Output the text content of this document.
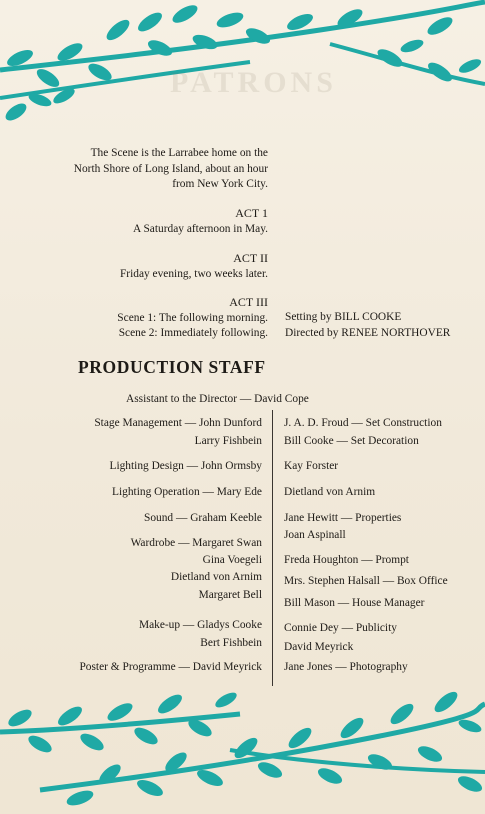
PATRONS
The Scene is the Larrabee home on the
North Shore of Long Island, about an hour
from New York City.
ACT 1
A Saturday afternoon in May.
ACT II
Friday evening, two weeks later.
ACT III
Scene 1: The following morning.
Scene 2: Immediately following.
Setting by BILL COOKE
Directed by RENEE NORTHOVER
PRODUCTION STAFF
Assistant to the Director — David Cope
Stage Management — John Dunford
Larry Fishbein
Lighting Design — John Ormsby
Lighting Operation — Mary Ede
Sound — Graham Keeble
Wardrobe — Margaret Swan
Gina Voegeli
Dietland von Arnim
Margaret Bell
Make-up — Gladys Cooke
Bert Fishbein
Poster & Programme — David Meyrick
J. A. D. Froud — Set Construction
Bill Cooke — Set Decoration
Kay Forster
Dietland von Arnim
Jane Hewitt — Properties
Joan Aspinall
Freda Houghton — Prompt
Mrs. Stephen Halsall — Box Office
Bill Mason — House Manager
Connie Dey — Publicity
David Meyrick
Jane Jones — Photography
